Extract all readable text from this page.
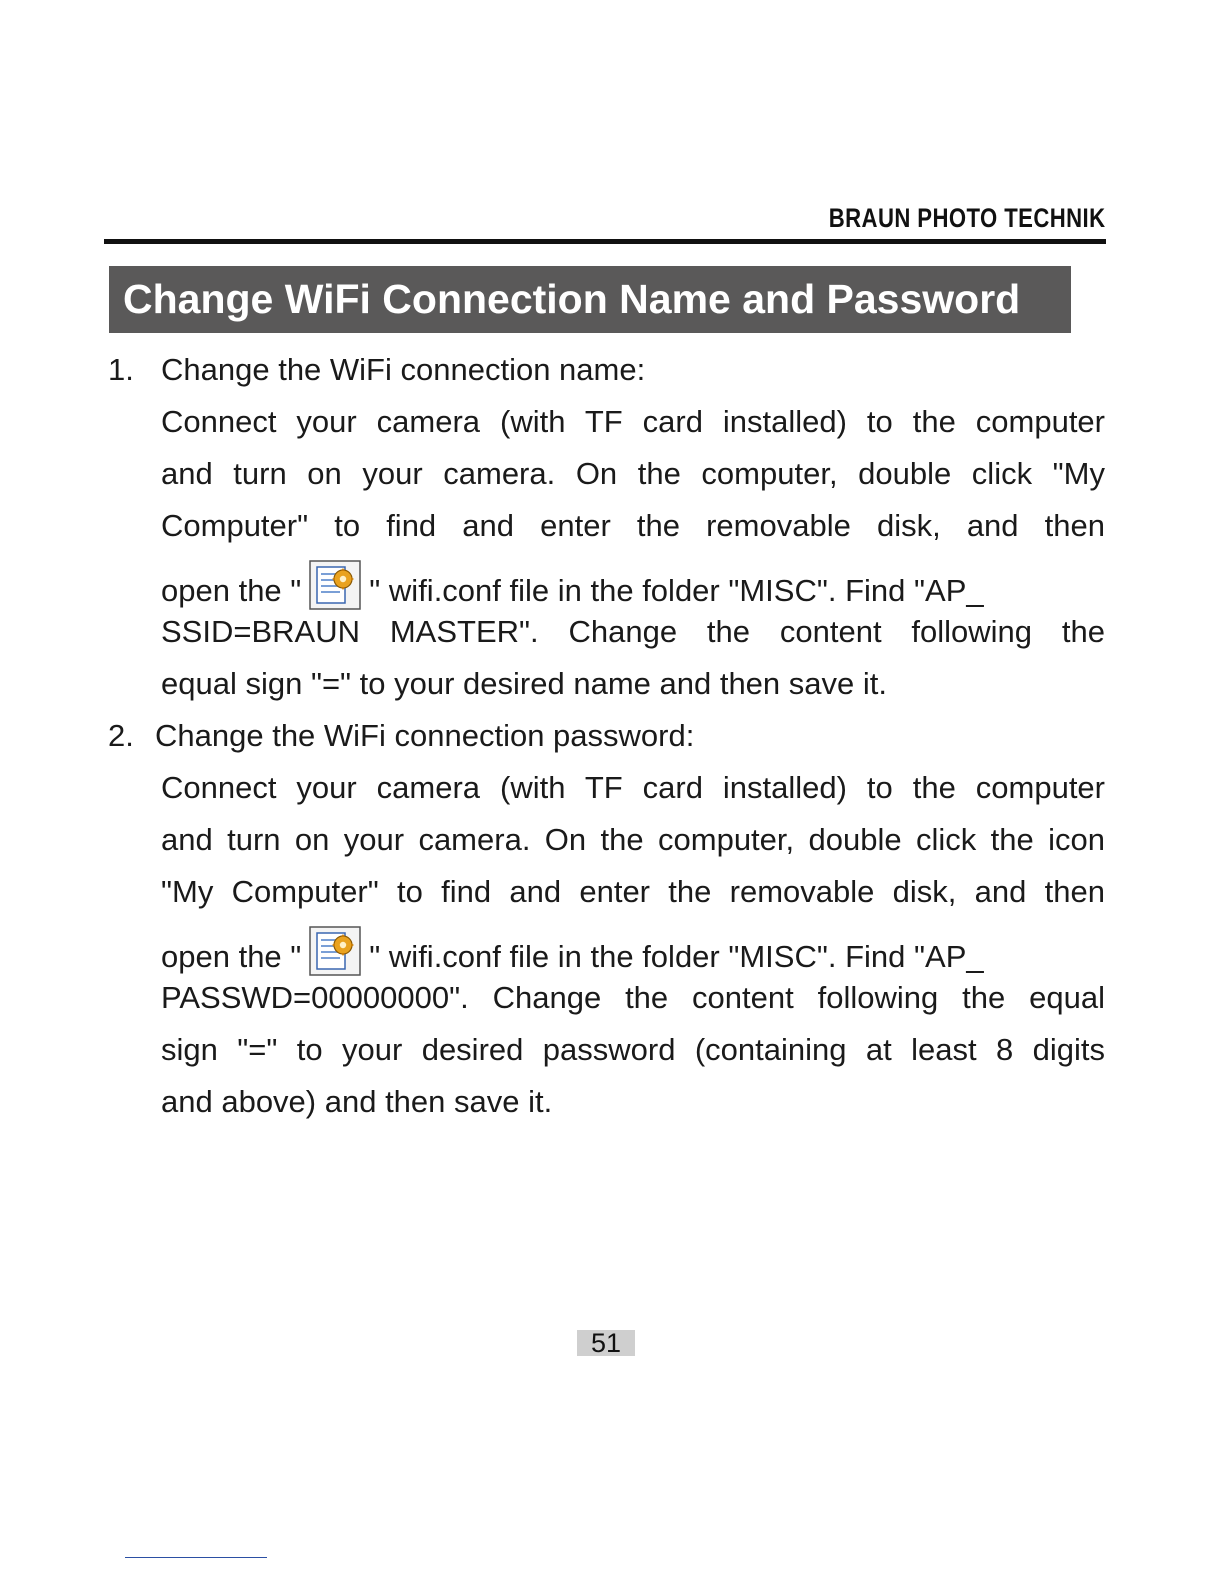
BRAUN PHOTO TECHNIK
Change WiFi Connection Name and Password
1. Change the WiFi connection name:
Connect your camera (with TF card installed) to the computer
and turn on your camera. On the computer, double click "My
Computer" to find and enter the removable disk, and then
open the " " wifi.conf file in the folder "MISC". Find "AP_
SSID=BRAUN MASTER". Change the content following the
equal sign "=" to your desired name and then save it.
2. Change the WiFi connection password:
Connect your camera (with TF card installed) to the computer
and turn on your camera. On the computer, double click the icon
"My Computer" to find and enter the removable disk, and then
open the " " wifi.conf file in the folder "MISC". Find "AP_
PASSWD=00000000". Change the content following the equal
sign "=" to your desired password (containing at least 8 digits
and above) and then save it.
51
